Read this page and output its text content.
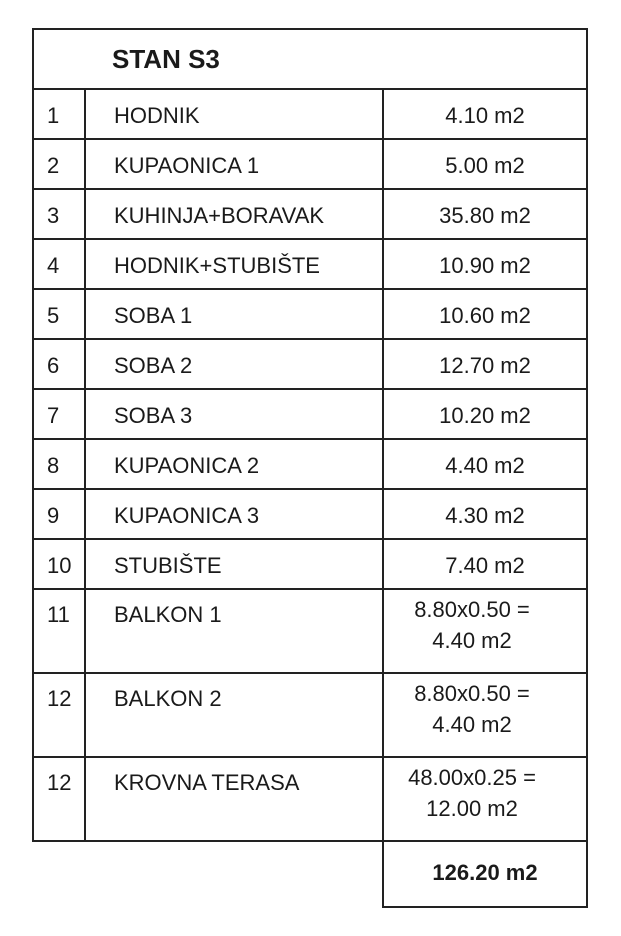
STAN S3
1	HODNIK	4.10 m2
2	KUPAONICA 1	5.00 m2
3	KUHINJA+BORAVAK	35.80 m2
4	HODNIK+STUBIŠTE	10.90 m2
5	SOBA 1	10.60 m2
6	SOBA 2	12.70 m2
7	SOBA 3	10.20 m2
8	KUPAONICA 2	4.40 m2
9	KUPAONICA 3	4.30 m2
10	STUBIŠTE	7.40 m2
11	BALKON 1	8.80x0.50 =
4.40 m2
12	BALKON 2	8.80x0.50 =
4.40 m2
12	KROVNA TERASA	48.00x0.25 =
12.00 m2
126.20 m2
